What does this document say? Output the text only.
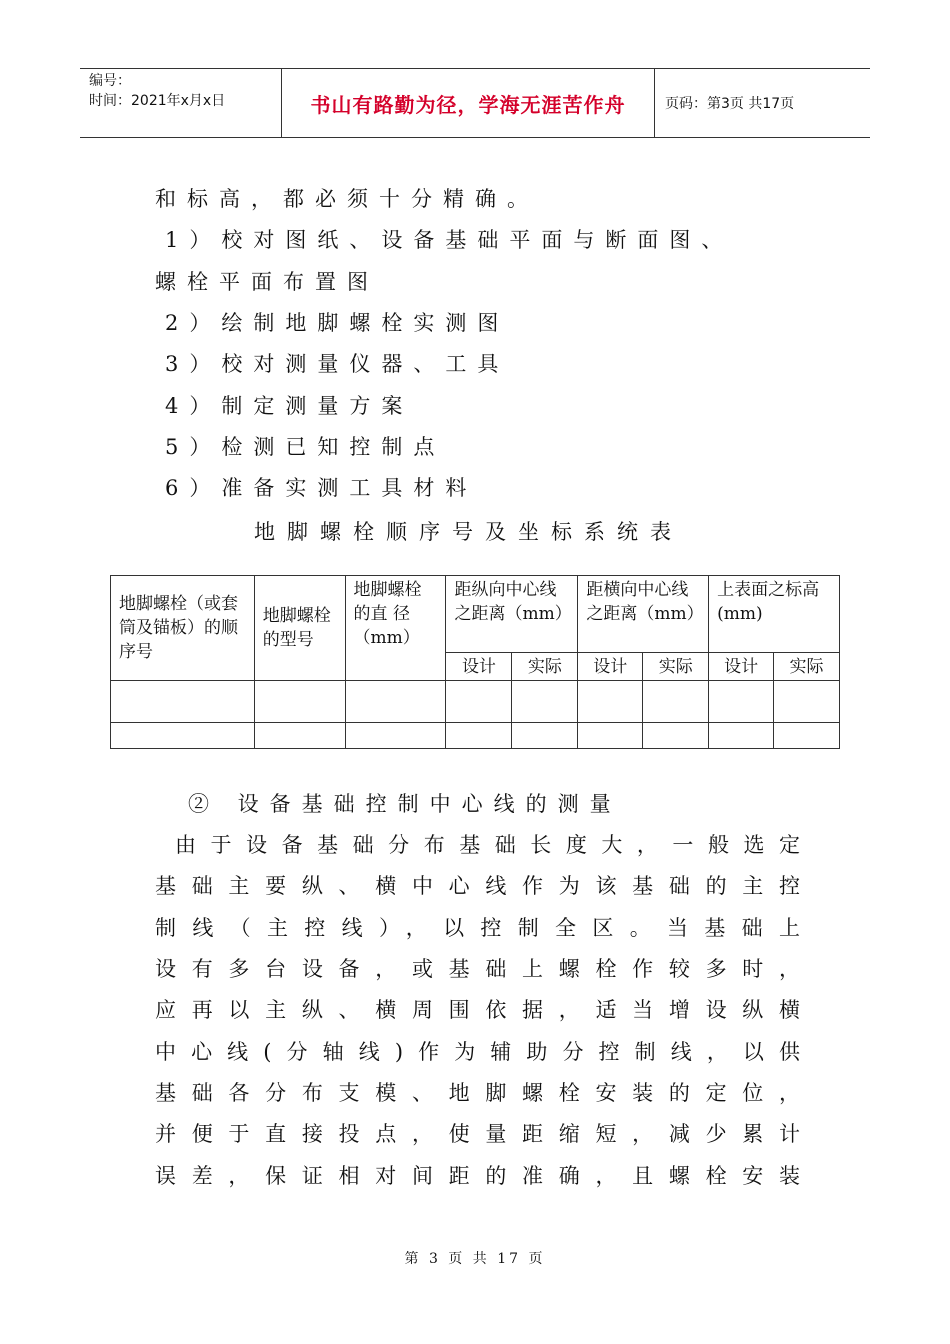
编号：
时间：2021年x月x日	书山有路勤为径，学海无涯苦作舟	页码：第3页 共17页
和标高，都必须十分精确。
1）校对图纸、设备基础平面与断面图、
螺栓平面布置图
2）绘制地脚螺栓实测图
3）校对测量仪器、工具
4）制定测量方案
5）检测已知控制点
6）准备实测工具材料
地脚螺栓顺序号及坐标系统表
地脚螺栓（或套筒及锚板）的顺序号	地脚螺栓的型号	地脚螺栓的直 径（mm）	距纵向中心线之距离（mm）		距横向中心线之距离（mm）		上表面之标高(mm)	
			设计	实际	设计	实际	设计	实际

② 设备基础控制中心线的测量
由于设备基础分布基础长度大，一般选定
基础主要纵、横中心线作为该基础的主控
制线（主控线），以控制全区。当基础上
设有多台设备，或基础上螺栓作较多时，
应再以主纵、横周围依据，适当增设纵横
中心线(分轴线)作为辅助分控制线，以供
基础各分布支模、地脚螺栓安装的定位，
并便于直接投点，使量距缩短，减少累计
误差，保证相对间距的准确，且螺栓安装
第 3 页 共 17 页
